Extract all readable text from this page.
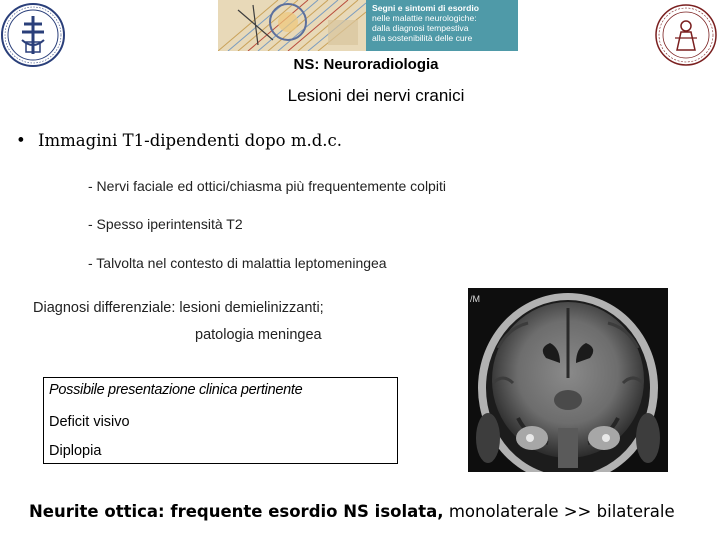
Segni e sintomi di esordio
nelle malattie neurologiche:
dalla diagnosi tempestiva
alla sostenibilità delle cure
NS: Neuroradiologia
Lesioni dei nervi cranici
• Immagini T1-dipendenti dopo m.d.c.
- Nervi faciale ed ottici/chiasma più frequentemente colpiti
- Spesso iperintensità T2
- Talvolta nel contesto di malattia leptomeningea
Diagnosi differenziale: lesioni demielinizzanti;
patologia meningea
Possibile presentazione clinica pertinente
Deficit visivo
Diplopia
/M
Neurite ottica: frequente esordio NS isolata, monolaterale >> bilaterale
